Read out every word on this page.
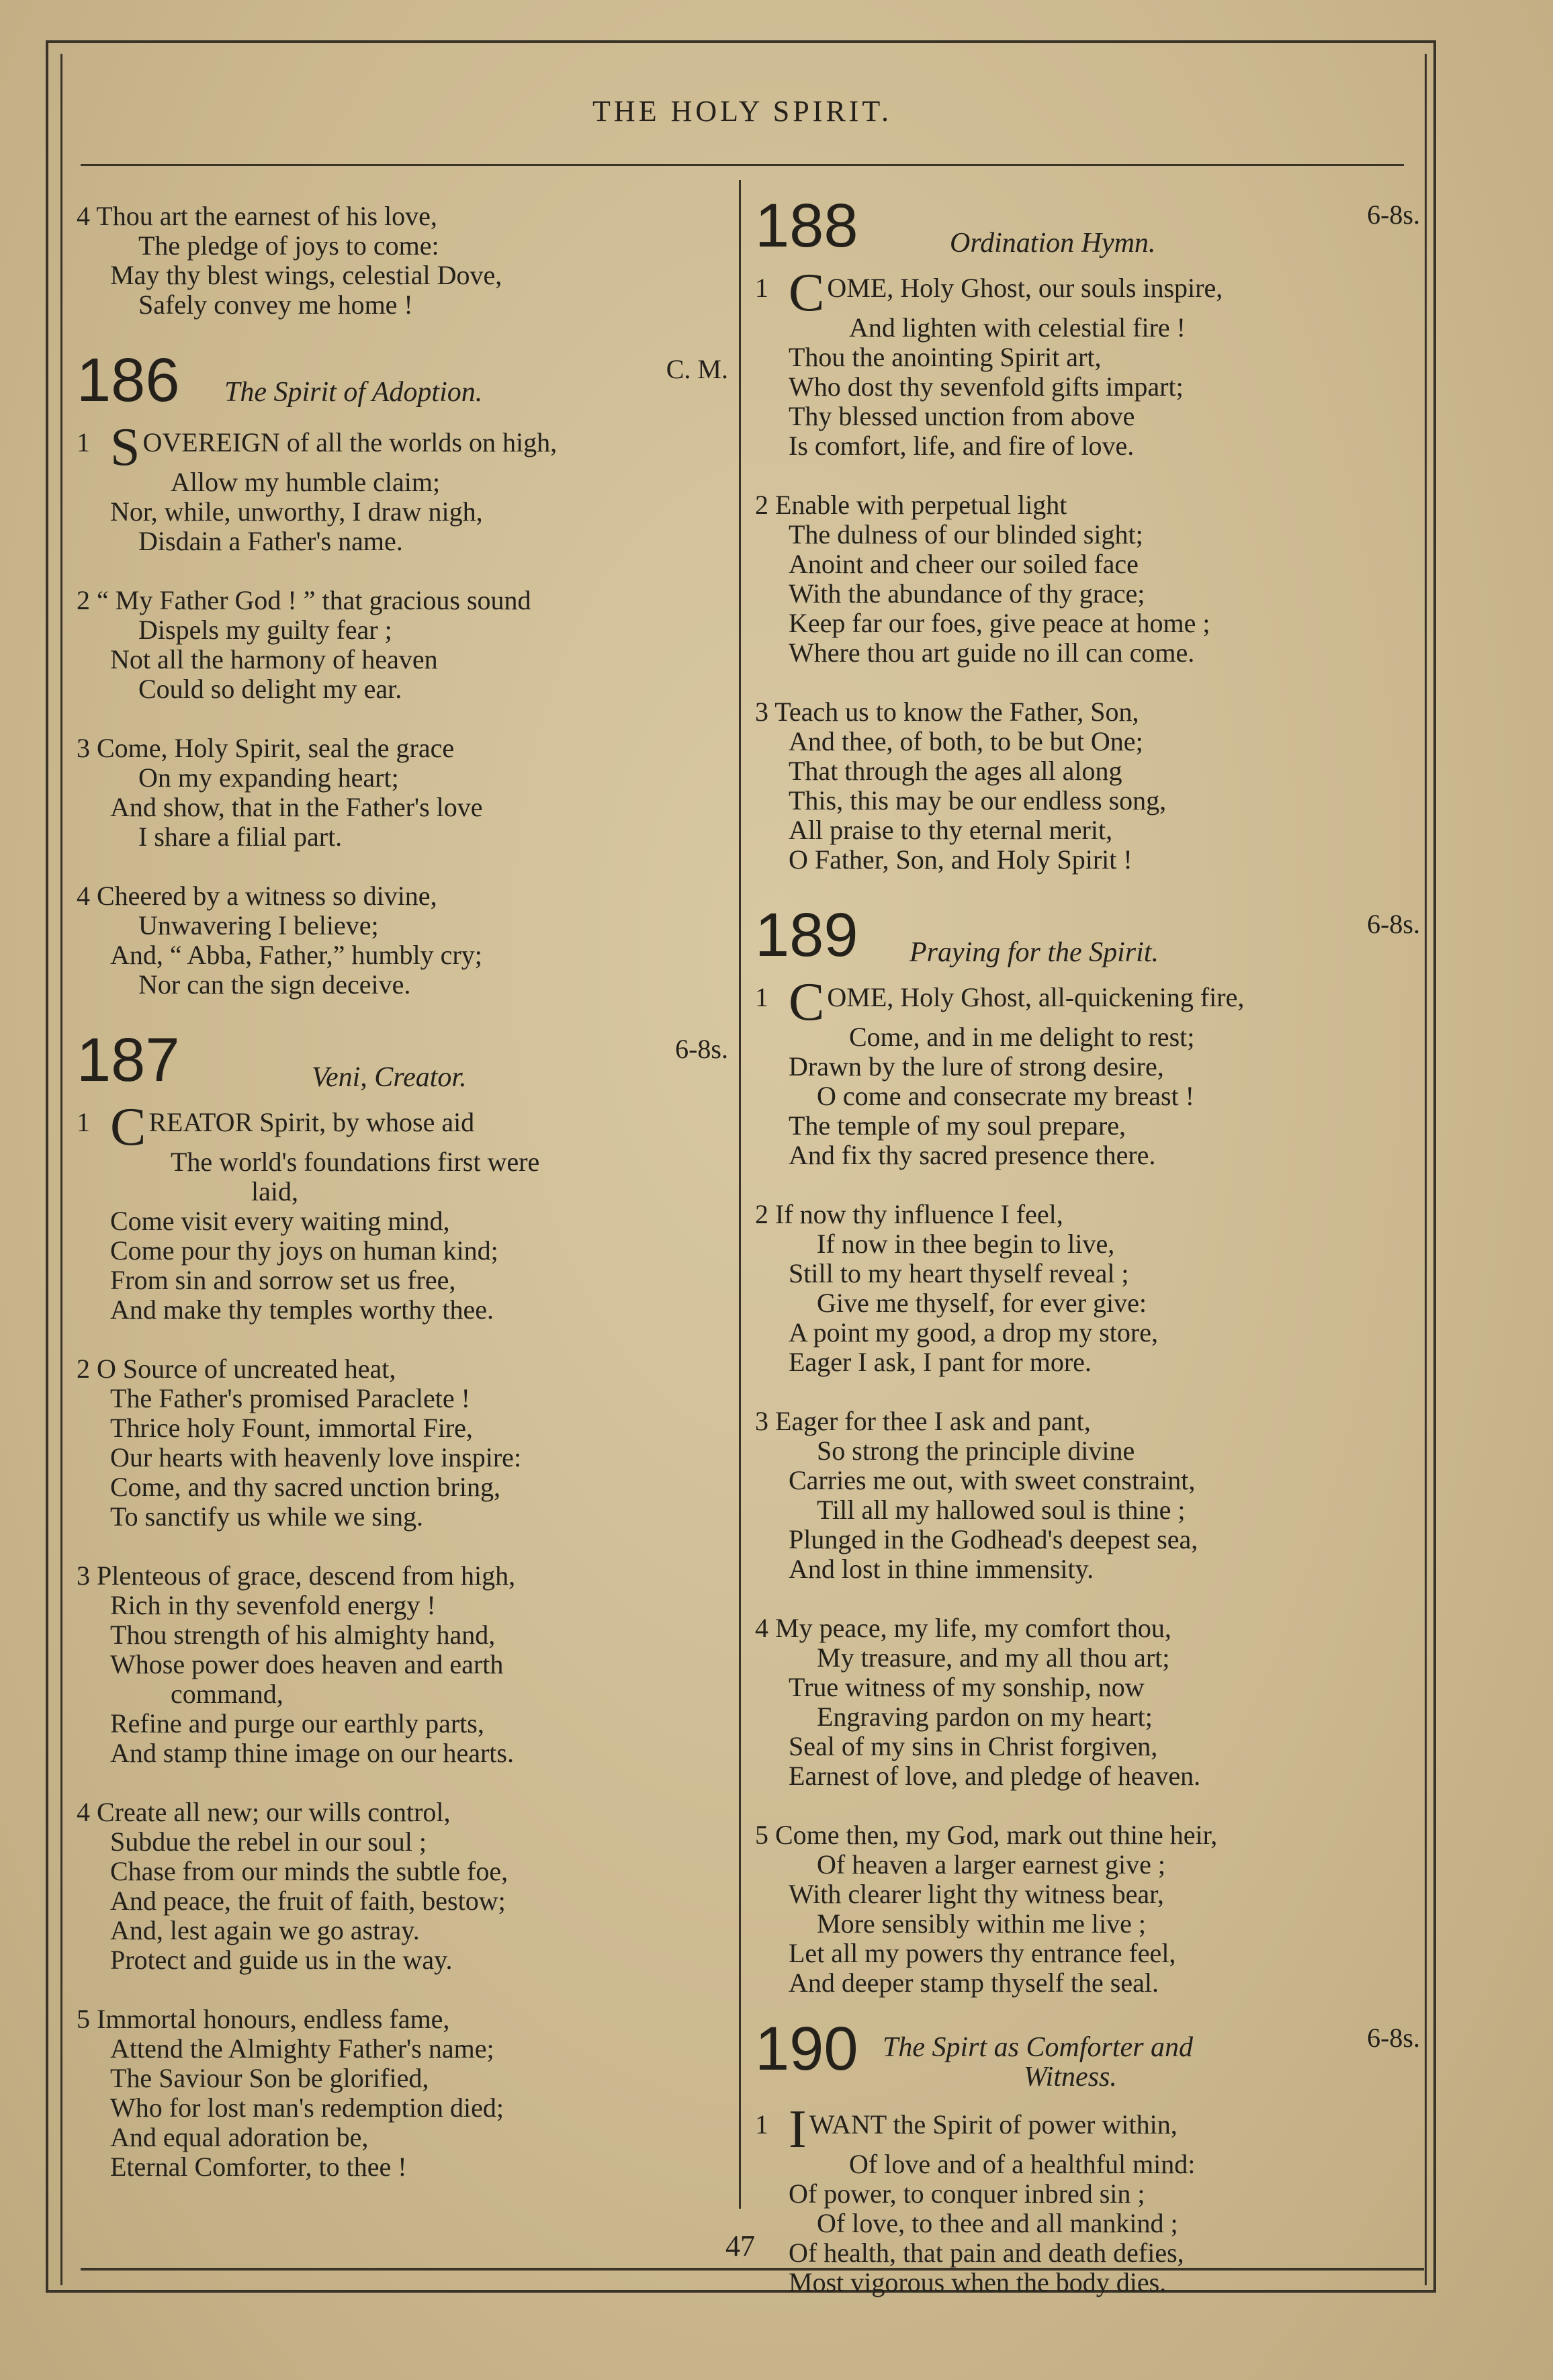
THE HOLY SPIRIT.
4 Thou art the earnest of his love,
The pledge of joys to come:
May thy blest wings, celestial Dove,
Safely convey me home !
186 The Spirit of Adoption.
C. M.
1 S OVEREIGN of all the worlds on high,
Allow my humble claim;
Nor, while, unworthy, I draw nigh,
Disdain a Father's name.
2 “ My Father God ! ” that gracious sound
Dispels my guilty fear ;
Not all the harmony of heaven
Could so delight my ear.
3 Come, Holy Spirit, seal the grace
On my expanding heart;
And show, that in the Father's love
I share a filial part.
4 Cheered by a witness so divine,
Unwavering I believe;
And, “ Abba, Father,” humbly cry;
Nor can the sign deceive.
187	Veni, Creator.
6-8s.
1 C REATOR Spirit, by whose aid
The world's foundations first were
laid,
Come visit every waiting mind,
Come pour thy joys on human kind;
From sin and sorrow set us free,
And make thy temples worthy thee.
2 O Source of uncreated heat,
The Father's promised Paraclete !
Thrice holy Fount, immortal Fire,
Our hearts with heavenly love inspire:
Come, and thy sacred unction bring,
To sanctify us while we sing.
3 Plenteous of grace, descend from high,
Rich in thy sevenfold energy !
Thou strength of his almighty hand,
Whose power does heaven and earth
command,
Refine and purge our earthly parts,
And stamp thine image on our hearts.
4 Create all new; our wills control,
Subdue the rebel in our soul ;
Chase from our minds the subtle foe,
And peace, the fruit of faith, bestow;
And, lest again we go astray.
Protect and guide us in the way.
5 Immortal honours, endless fame,
Attend the Almighty Father's name;
The Saviour Son be glorified,
Who for lost man's redemption died;
And equal adoration be,
Eternal Comforter, to thee !
188	Ordination Hymn.
6-8s.
1 C OME, Holy Ghost, our souls inspire,
And lighten with celestial fire !
Thou the anointing Spirit art,
Who dost thy sevenfold gifts impart;
Thy blessed unction from above
Is comfort, life, and fire of love.
2 Enable with perpetual light
The dulness of our blinded sight;
Anoint and cheer our soiled face
With the abundance of thy grace;
Keep far our foes, give peace at home ;
Where thou art guide no ill can come.
3 Teach us to know the Father, Son,
And thee, of both, to be but One;
That through the ages all along
This, this may be our endless song,
All praise to thy eternal merit,
O Father, Son, and Holy Spirit !
189 Praying for the Spirit.
6-8s.
1 C OME, Holy Ghost, all-quickening fire,
Come, and in me delight to rest;
Drawn by the lure of strong desire,
O come and consecrate my breast !
The temple of my soul prepare,
And fix thy sacred presence there.
2 If now thy influence I feel,
If now in thee begin to live,
Still to my heart thyself reveal ;
Give me thyself, for ever give:
A point my good, a drop my store,
Eager I ask, I pant for more.
3 Eager for thee I ask and pant,
So strong the principle divine
Carries me out, with sweet constraint,
Till all my hallowed soul is thine ;
Plunged in the Godhead's deepest sea,
And lost in thine immensity.
4 My peace, my life, my comfort thou,
My treasure, and my all thou art;
True witness of my sonship, now
Engraving pardon on my heart;
Seal of my sins in Christ forgiven,
Earnest of love, and pledge of heaven.
5 Come then, my God, mark out thine heir,
Of heaven a larger earnest give ;
With clearer light thy witness bear,
More sensibly within me live ;
Let all my powers thy entrance feel,
And deeper stamp thyself the seal.
190 The Spirt as Comforter and
Witness.
6-8s.
1 I WANT the Spirit of power within,
Of love and of a healthful mind:
Of power, to conquer inbred sin ;
Of love, to thee and all mankind ;
Of health, that pain and death defies,
Most vigorous when the body dies.
47
